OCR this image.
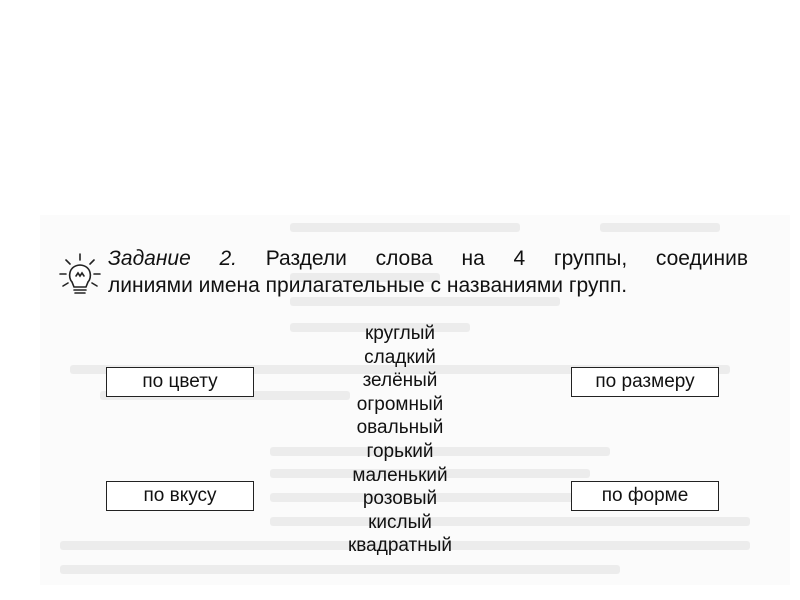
Задание 2. Раздели слова на 4 группы, соединив
линиями имена прилагательные с названиями групп.
круглый
сладкий
зелёный
огромный
овальный
горький
маленький
розовый
кислый
квадратный
по цвету	по размеру
по вкусу	по форме
